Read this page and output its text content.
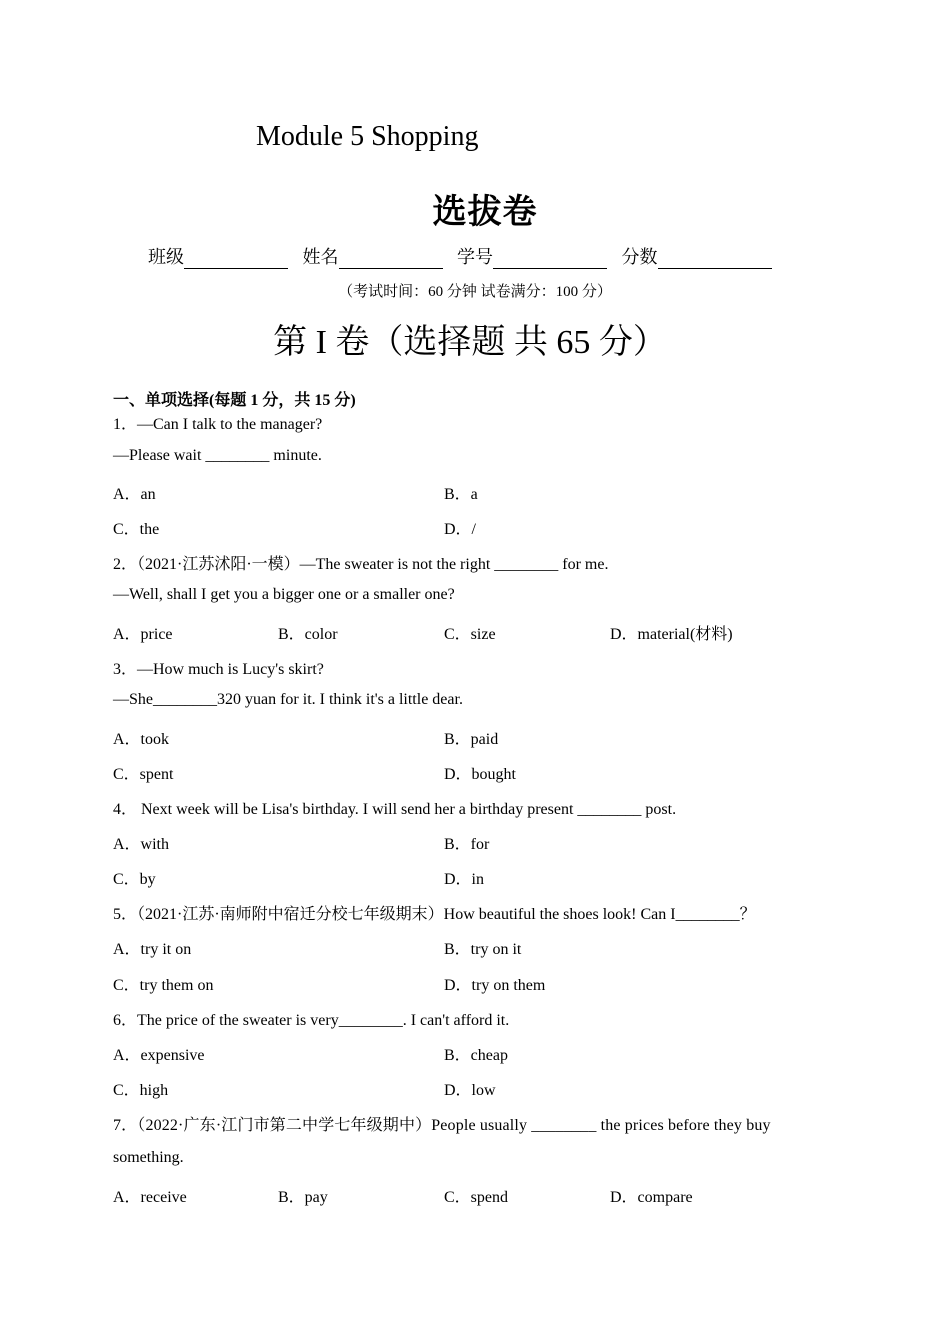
Module 5 Shopping
选拔卷
班级	姓名	学号	分数
（考试时间：60 分钟 试卷满分：100 分）
第 I 卷（选择题 共 65 分）
一、单项选择(每题 1 分，共 15 分)
1．—Can I talk to the manager?
—Please wait ________ minute.
A．an	B．a
C．the	D．/
2．（2021·江苏沭阳·一模）—The sweater is not the right ________ for me.
—Well, shall I get you a bigger one or a smaller one?
A．price	B．color	C．size	D．material(材料)
3．—How much is Lucy's skirt?
—She________320 yuan for it. I think it's a little dear.
A．took	B．paid
C．spent	D．bought
4． Next week will be Lisa's birthday. I will send her a birthday present ________ post.
A．with	B．for
C．by	D．in
5．（2021·江苏·南师附中宿迁分校七年级期末）How beautiful the shoes look! Can I________？
A．try it on	B．try on it
C．try them on	D．try on them
6．The price of the sweater is very________. I can't afford it.
A．expensive	B．cheap
C．high	D．low
7．（2022·广东·江门市第二中学七年级期中）People usually ________ the prices before they buy
something.
A．receive	B．pay	C．spend	D．compare
